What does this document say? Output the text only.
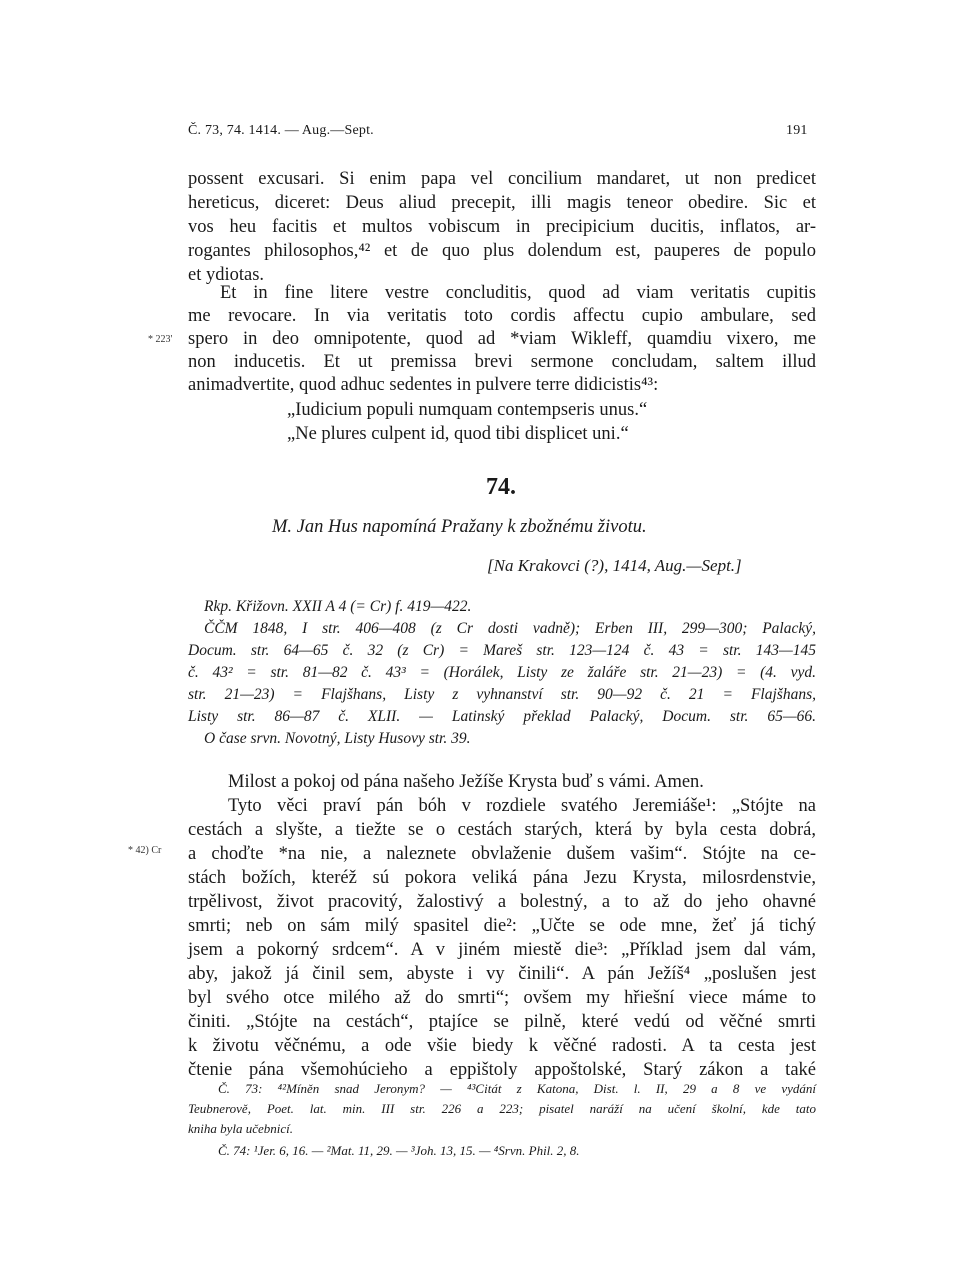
Č. 73, 74. 1414. — Aug.—Sept.	191
possent excusari. Si enim papa vel concilium mandaret, ut non predicet
hereticus, diceret: Deus aliud precepit, illi magis teneor obedire. Sic et
vos heu facitis et multos vobiscum in precipicium ducitis, inflatos, ar-
rogantes philosophos,⁴² et de quo plus dolendum est, pauperes de populo
et ydiotas.
Et in fine litere vestre concluditis, quod ad viam veritatis cupitis
me revocare. In via veritatis toto cordis affectu cupio ambulare, sed
spero in deo omnipotente, quod ad *viam Wikleff, quamdiu vixero, me
non inducetis. Et ut premissa brevi sermone concludam, saltem illud
animadvertite, quod adhuc sedentes in pulvere terre didicistis⁴³:
* 223'
* 42) Cr
„Iudicium populi numquam contempseris unus.“
„Ne plures culpent id, quod tibi displicet uni.“
74.
M. Jan Hus napomíná Pražany k zbožnému životu.
[Na Krakovci (?), 1414, Aug.—Sept.]
Rkp. Křižovn. XXII A 4 (= Cr) f. 419—422.
ČČM 1848, I str. 406—408 (z Cr dosti vadně); Erben III, 299—300; Palacký,
Docum. str. 64—65 č. 32 (z Cr) = Mareš str. 123—124 č. 43 = str. 143—145
č. 43² = str. 81—82 č. 43³ = (Horálek, Listy ze žaláře str. 21—23) = (4. vyd.
str. 21—23) = Flajšhans, Listy z vyhnanství str. 90—92 č. 21 = Flajšhans,
Listy str. 86—87 č. XLII. — Latinský překlad Palacký, Docum. str. 65—66.
O čase srvn. Novotný, Listy Husovy str. 39.
Milost a pokoj od pána našeho Ježíše Krysta buď s vámi. Amen.
Tyto věci praví pán bóh v rozdiele svatého Jeremiáše¹: „Stójte na
cestách a slyšte, a tiežte se o cestách starých, která by byla cesta dobrá,
a choďte *na nie, a naleznete obvlaženie dušem vašim“. Stójte na ce-
stách božích, kteréž sú pokora veliká pána Jezu Krysta, milosrdenstvie,
trpělivost, život pracovitý, žalostivý a bolestný, a to až do jeho ohavné
smrti; neb on sám milý spasitel die²: „Učte se ode mne, žeť já tichý
jsem a pokorný srdcem“. A v jiném miestě die³: „Příklad jsem dal vám,
aby, jakož já činil sem, abyste i vy činili“. A pán Ježíš⁴ „poslušen jest
byl svého otce milého až do smrti“; ovšem my hřiešní viece máme to
činiti. „Stójte na cestách“, ptajíce se pilně, které vedú od věčné smrti
k životu věčnému, a ode všie biedy k věčné radosti. A ta cesta jest
čtenie pána všemohúcieho a eppištoly appoštolské, Starý zákon a také
Č. 73: ⁴²Míněn snad Jeronym? — ⁴³Citát z Katona, Dist. l. II, 29 a 8 ve vydání
Teubnerově, Poet. lat. min. III str. 226 a 223; pisatel naráží na učení školní, kde tato
kniha byla učebnicí.
Č. 74: ¹Jer. 6, 16. — ²Mat. 11, 29. — ³Joh. 13, 15. — ⁴Srvn. Phil. 2, 8.
